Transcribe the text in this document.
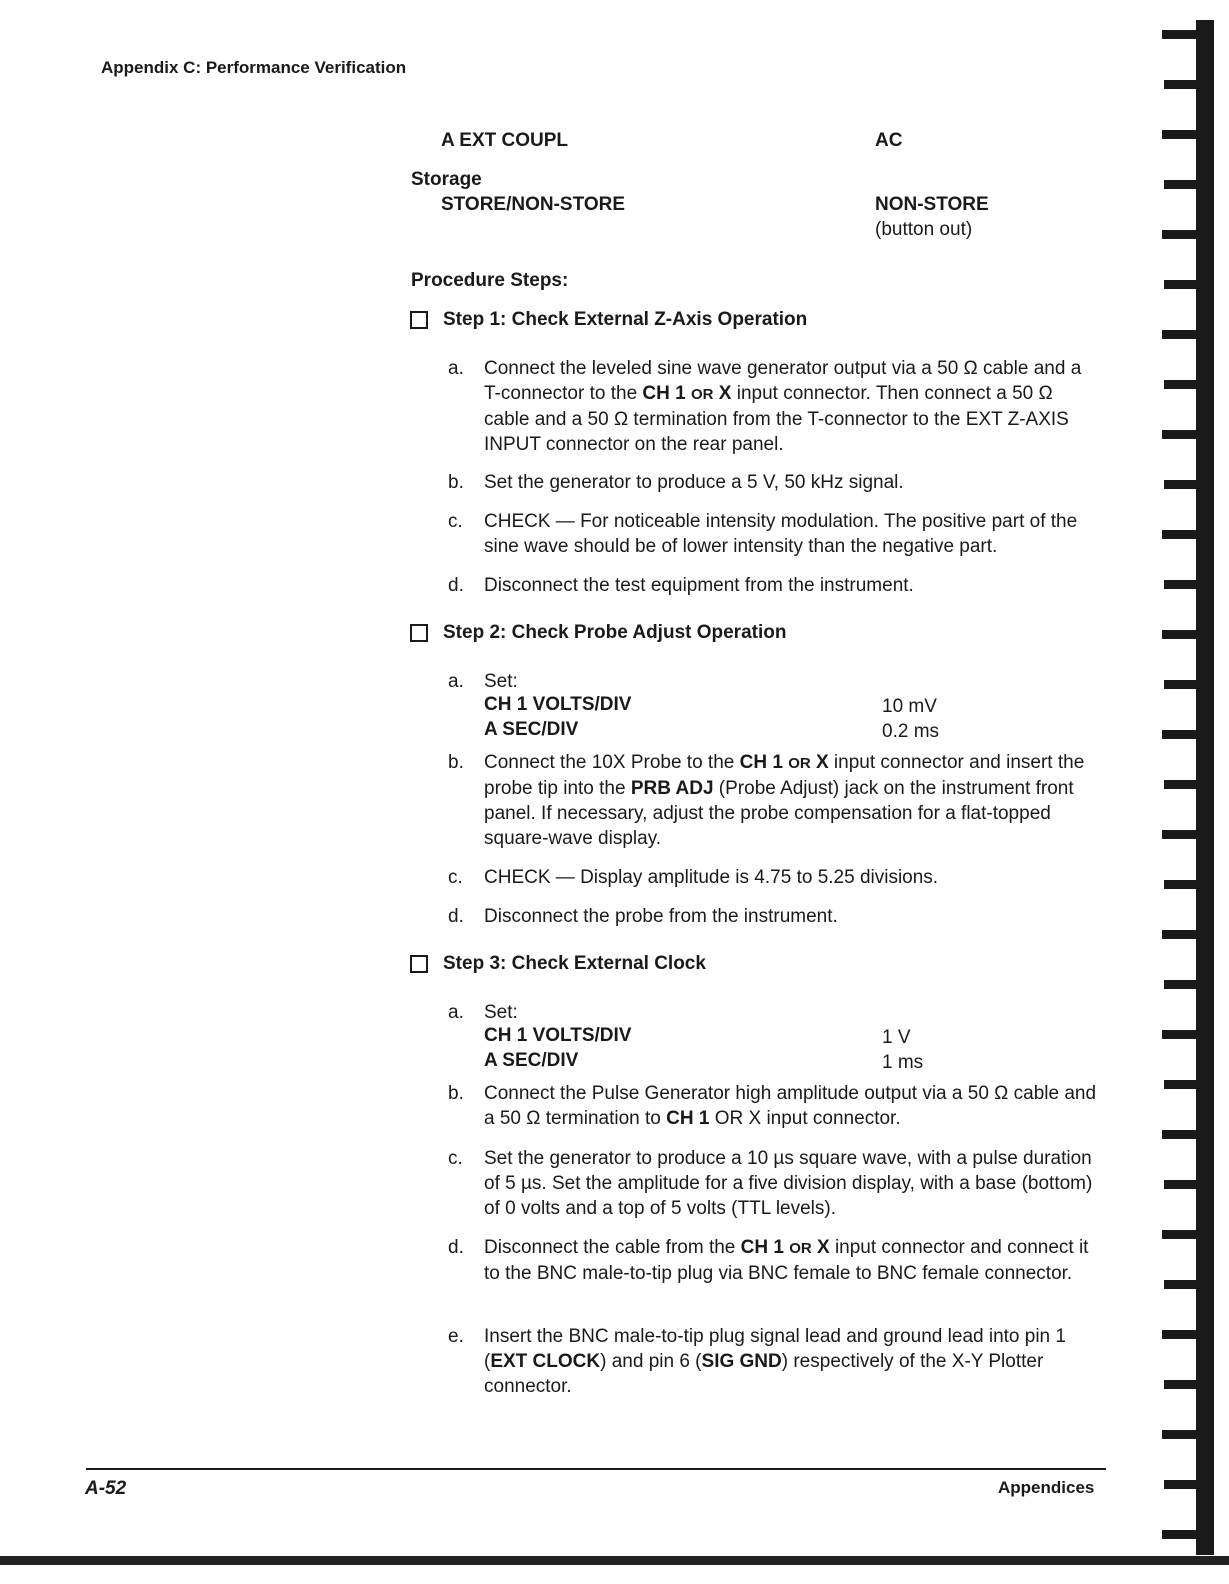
Appendix C: Performance Verification
A EXT COUPL	AC
Storage
STORE/NON-STORE	NON-STORE
(button out)
Procedure Steps:
Step 1: Check External Z-Axis Operation
a.	Connect the leveled sine wave generator output via a 50 Ω cable and a T-connector to the CH 1 OR X input connector. Then connect a 50 Ω cable and a 50 Ω termination from the T-connector to the EXT Z-AXIS INPUT connector on the rear panel.
b.	Set the generator to produce a 5 V, 50 kHz signal.
c.	CHECK — For noticeable intensity modulation. The positive part of the sine wave should be of lower intensity than the negative part.
d.	Disconnect the test equipment from the instrument.
Step 2: Check Probe Adjust Operation
a.	Set:
CH 1 VOLTS/DIV	10 mV
A SEC/DIV	0.2 ms
b.	Connect the 10X Probe to the CH 1 OR X input connector and insert the probe tip into the PRB ADJ (Probe Adjust) jack on the instrument front panel. If necessary, adjust the probe compensation for a flat-topped square-wave display.
c.	CHECK — Display amplitude is 4.75 to 5.25 divisions.
d.	Disconnect the probe from the instrument.
Step 3: Check External Clock
a.	Set:
CH 1 VOLTS/DIV	1 V
A SEC/DIV	1 ms
b.	Connect the Pulse Generator high amplitude output via a 50 Ω cable and a 50 Ω termination to CH 1 OR X input connector.
c.	Set the generator to produce a 10 µs square wave, with a pulse duration of 5 µs. Set the amplitude for a five division display, with a base (bottom) of 0 volts and a top of 5 volts (TTL levels).
d.	Disconnect the cable from the CH 1 OR X input connector and connect it to the BNC male-to-tip plug via BNC female to BNC female connector.
e.	Insert the BNC male-to-tip plug signal lead and ground lead into pin 1 (EXT CLOCK) and pin 6 (SIG GND) respectively of the X-Y Plotter connector.
A-52	Appendices
